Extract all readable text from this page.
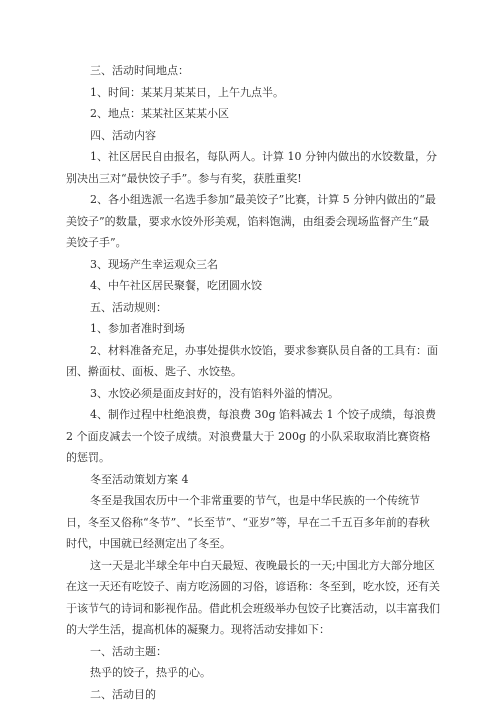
三、活动时间地点：

1、时间：某某月某某日，上午九点半。

2、地点：某某社区某某小区

四、活动内容

1、社区居民自由报名，每队两人。计算 10 分钟内做出的水饺数量，分别决出三对“最快饺子手”。参与有奖，获胜重奖!

2、各小组选派一名选手参加“最美饺子”比赛，计算 5 分钟内做出的“最美饺子”的数量，要求水饺外形美观，馅料饱满，由组委会现场监督产生“最美饺子手”。

3、现场产生幸运观众三名

4、中午社区居民聚餐，吃团圆水饺

五、活动规则：

1、参加者准时到场

2、材料准备充足，办事处提供水饺馅，要求参赛队员自备的工具有：面团、擀面杖、面板、匙子、水饺垫。

3、水饺必须是面皮封好的，没有馅料外溢的情况。

4、制作过程中杜绝浪费，每浪费 30g 馅料减去 1 个饺子成绩，每浪费 2 个面皮减去一个饺子成绩。对浪费量大于 200g 的小队采取取消比赛资格的惩罚。

冬至活动策划方案 4

冬至是我国农历中一个非常重要的节气，也是中华民族的一个传统节日，冬至又俗称“冬节”、“长至节”、“亚岁”等，早在二千五百多年前的春秋时代，中国就已经测定出了冬至。

这一天是北半球全年中白天最短、夜晚最长的一天;中国北方大部分地区在这一天还有吃饺子、南方吃汤圆的习俗，谚语称：冬至到，吃水饺，还有关于该节气的诗词和影视作品。借此机会班级举办包饺子比赛活动，以丰富我们的大学生活，提高机体的凝聚力。现将活动安排如下：

一、活动主题：

热乎的饺子，热乎的心。

二、活动目的
